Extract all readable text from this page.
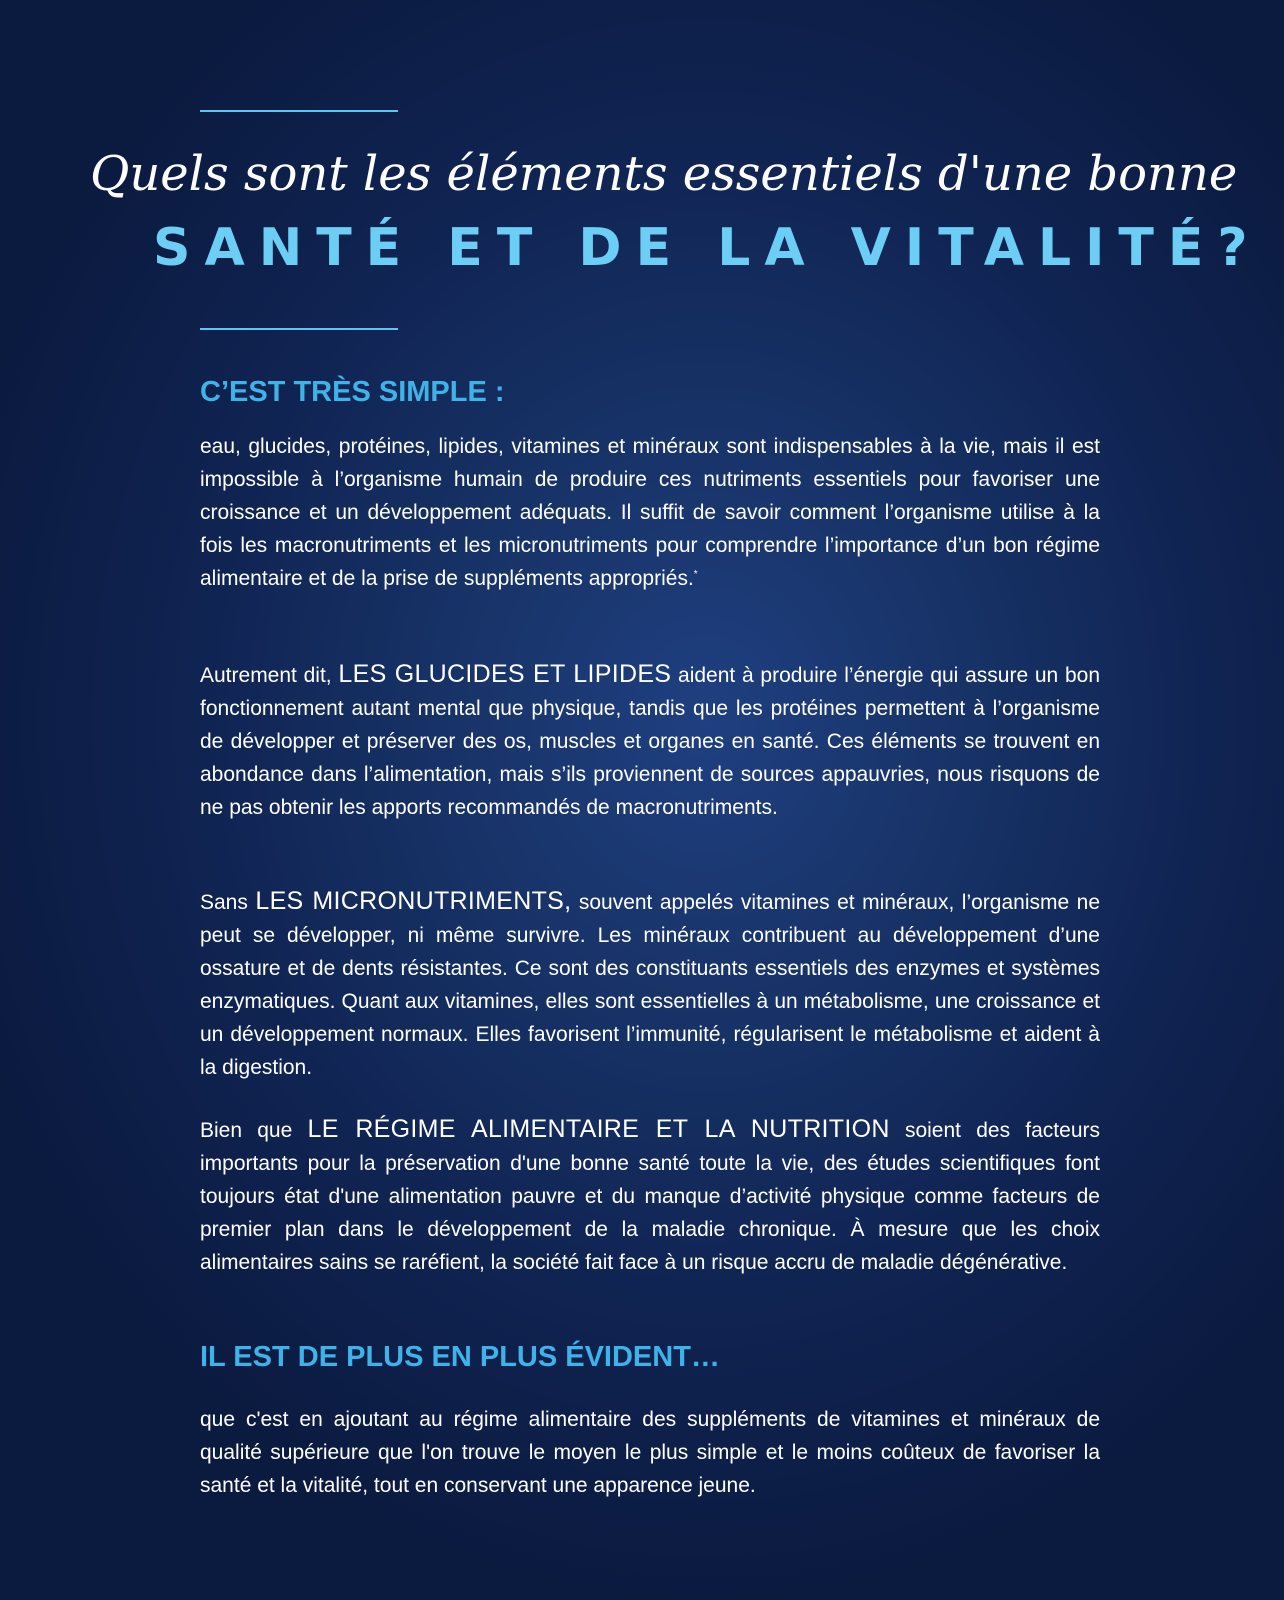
Quels sont les éléments essentiels d'une bonne
SANTÉ ET DE LA VITALITÉ?
C’EST TRÈS SIMPLE :

eau, glucides, protéines, lipides, vitamines et minéraux sont indispensables à la vie, mais il est impossible à l’organisme humain de produire ces nutriments essentiels pour favoriser une croissance et un développement adéquats. Il suffit de savoir comment l’organisme utilise à la fois les macronutriments et les micronutriments pour comprendre l’importance d’un bon régime alimentaire et de la prise de suppléments appropriés.*

Autrement dit, LES GLUCIDES ET LIPIDES aident à produire l’énergie qui assure un bon fonctionnement autant mental que physique, tandis que les protéines permettent à l’organisme de développer et préserver des os, muscles et organes en santé. Ces éléments se trouvent en abondance dans l’alimentation, mais s’ils proviennent de sources appauvries, nous risquons de ne pas obtenir les apports recommandés de macronutriments.

Sans LES MICRONUTRIMENTS, souvent appelés vitamines et minéraux, l’organisme ne peut se développer, ni même survivre. Les minéraux contribuent au développement d’une ossature et de dents résistantes. Ce sont des constituants essentiels des enzymes et systèmes enzymatiques. Quant aux vitamines, elles sont essentielles à un métabolisme, une croissance et un développement normaux. Elles favorisent l’immunité, régularisent le métabolisme et aident à la digestion.

Bien que LE RÉGIME ALIMENTAIRE ET LA NUTRITION soient des facteurs importants pour la préservation d'une bonne santé toute la vie, des études scientifiques font toujours état d'une alimentation pauvre et du manque d’activité physique comme facteurs de premier plan dans le développement de la maladie chronique. À mesure que les choix alimentaires sains se raréfient, la société fait face à un risque accru de maladie dégénérative.

IL EST DE PLUS EN PLUS ÉVIDENT…

que c'est en ajoutant au régime alimentaire des suppléments de vitamines et minéraux de qualité supérieure que l'on trouve le moyen le plus simple et le moins coûteux de favoriser la santé et la vitalité, tout en conservant une apparence jeune.
